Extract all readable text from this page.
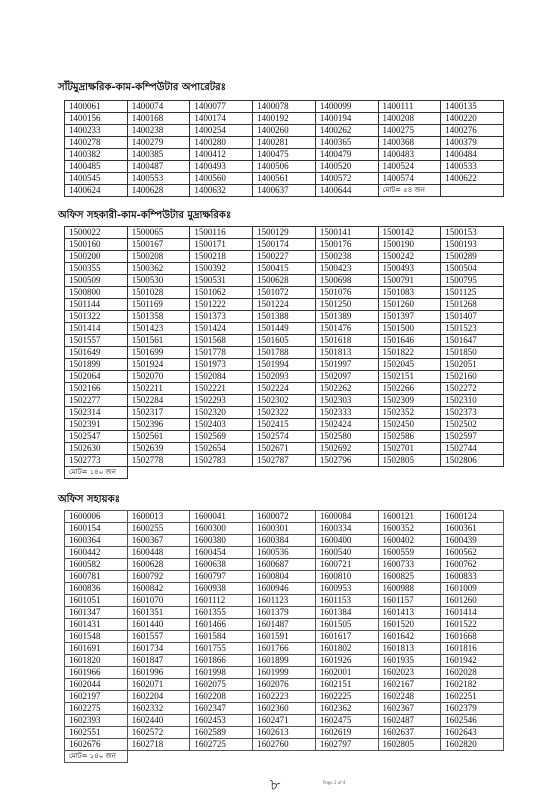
সাঁটমুদ্রাক্ষরিক-কাম-কম্পিউটার অপারেটরঃ
1400061	1400074	1400077	1400078	1400099	1400111	1400135
1400156	1400168	1400174	1400192	1400194	1400208	1400220
1400233	1400238	1400254	1400260	1400262	1400275	1400276
1400278	1400279	1400280	1400281	1400365	1400368	1400379
1400382	1400385	1400412	1400475	1400479	1400483	1400484
1400485	1400487	1400493	1400506	1400520	1400524	1400533
1400545	1400553	1400560	1400561	1400572	1400574	1400622
1400624	1400628	1400632	1400637	1400644	মোট= ৫৪ জন	
অফিস সহকারী-কাম-কম্পিউটার মুদ্রাক্ষরিকঃ
1500022	1500065	1500116	1500129	1500141	1500142	1500153
1500160	1500167	1500171	1500174	1500176	1500190	1500193
1500200	1500208	1500218	1500227	1500238	1500242	1500289
1500355	1500362	1500392	1500415	1500423	1500493	1500504
1500509	1500530	1500531	1500628	1500698	1500791	1500795
1500800	1501028	1501062	1501072	1501076	1501083	1501125
1501144	1501169	1501222	1501224	1501250	1501260	1501268
1501322	1501358	1501373	1501388	1501389	1501397	1501407
1501414	1501423	1501424	1501449	1501476	1501500	1501523
1501557	1501561	1501568	1501605	1501618	1501646	1501647
1501649	1501699	1501778	1501788	1501813	1501822	1501850
1501899	1501924	1501973	1501994	1501997	1502045	1502051
1502064	1502070	1502084	1502093	1502097	1502151	1502160
1502166	1502211	1502221	1502224	1502262	1502266	1502272
1502277	1502284	1502293	1502302	1502303	1502309	1502310
1502314	1502317	1502320	1502322	1502333	1502352	1502373
1502391	1502396	1502403	1502415	1502424	1502450	1502502
1502547	1502561	1502569	1502574	1502580	1502586	1502597
1502630	1502639	1502654	1502671	1502692	1502701	1502744
1502773	1502778	1502783	1502787	1502796	1502805	1502806
মোট= ১৪০ জন						
অফিস সহায়কঃ
1600006	1600013	1600041	1600072	1600084	1600121	1600124
1600154	1600255	1600300	1600301	1600334	1600352	1600361
1600364	1600367	1600380	1600384	1600400	1600402	1600439
1600442	1600448	1600454	1600536	1600540	1600559	1600562
1600582	1600628	1600638	1600687	1600721	1600733	1600762
1600781	1600792	1600797	1600804	1600810	1600825	1600833
1600836	1600842	1600938	1600946	1600953	1600988	1601009
1601051	1601070	1601112	1601123	1601153	1601157	1601260
1601347	1601351	1601355	1601379	1601384	1601413	1601414
1601431	1601440	1601466	1601487	1601505	1601520	1601522
1601548	1601557	1601584	1601591	1601617	1601642	1601668
1601691	1601734	1601755	1601766	1601802	1601813	1601816
1601820	1601847	1601866	1601899	1601926	1601935	1601942
1601966	1601996	1601998	1601999	1602001	1602023	1602028
1602044	1602071	1602075	1602076	1602151	1602167	1602182
1602197	1602204	1602208	1602223	1602225	1602248	1602251
1602275	1602332	1602347	1602360	1602362	1602367	1602379
1602393	1602440	1602453	1602471	1602475	1602487	1602546
1602551	1602572	1602589	1602613	1602619	1602637	1602643
1602676	1602718	1602725	1602760	1602797	1602805	1602820
মোট= ১৪০ জন						
৮	Page 2 of 4
